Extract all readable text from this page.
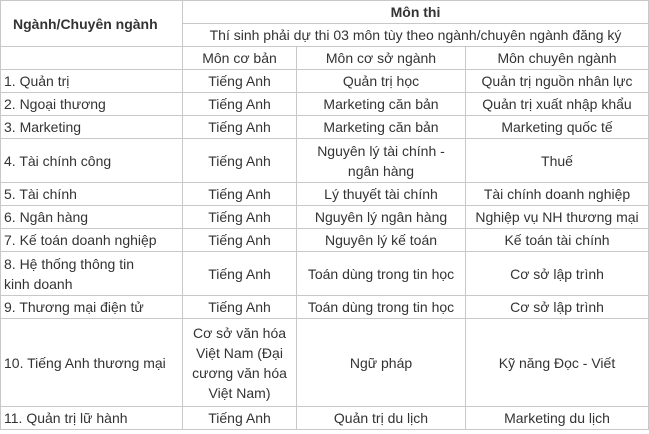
Ngành/Chuyên ngành	Môn thi		
	Thí sinh phải dự thi 03 môn tùy theo ngành/chuyên ngành đăng ký		
	Môn cơ bản	Môn cơ sở ngành	Môn chuyên ngành
1. Quản trị	Tiếng Anh	Quản trị học	Quản trị nguồn nhân lực
2. Ngoại thương	Tiếng Anh	Marketing căn bản	Quản trị xuất nhập khẩu
3. Marketing	Tiếng Anh	Marketing căn bản	Marketing quốc tế
4. Tài chính công	Tiếng Anh	Nguyên lý tài chính - ngân hàng	Thuế
5. Tài chính	Tiếng Anh	Lý thuyết tài chính	Tài chính doanh nghiệp
6. Ngân hàng	Tiếng Anh	Nguyên lý ngân hàng	Nghiệp vụ NH thương mại
7. Kế toán doanh nghiệp	Tiếng Anh	Nguyên lý kế toán	Kế toán tài chính
8. Hệ thống thông tin kinh doanh	Tiếng Anh	Toán dùng trong tin học	Cơ sở lập trình
9. Thương mại điện tử	Tiếng Anh	Toán dùng trong tin học	Cơ sở lập trình
10. Tiếng Anh thương mại	Cơ sở văn hóa Việt Nam (Đại cương văn hóa Việt Nam)	Ngữ pháp	Kỹ năng Đọc - Viết
11. Quản trị lữ hành	Tiếng Anh	Quản trị du lịch	Marketing du lịch
